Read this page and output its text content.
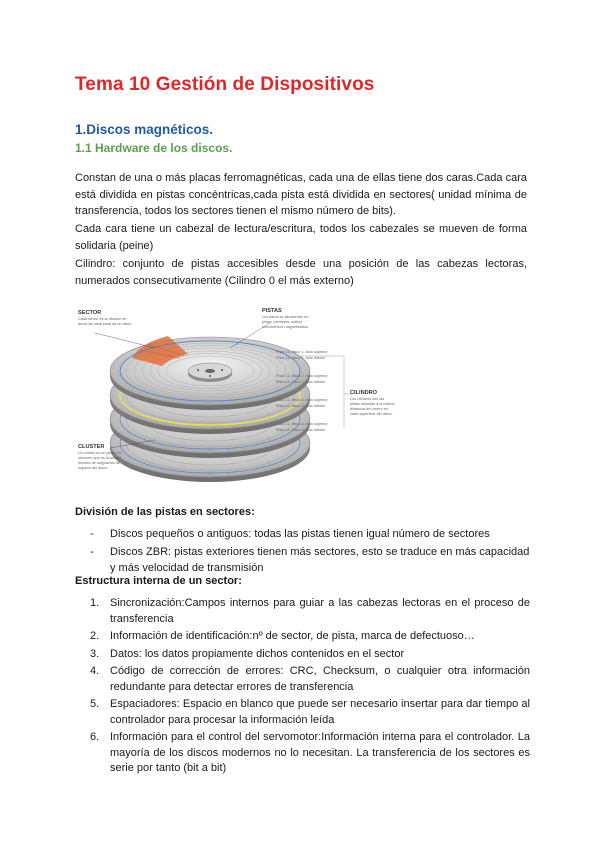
Tema 10 Gestión de Dispositivos
1.Discos magnéticos.
1.1 Hardware de los discos.

Constan de una o más placas ferromagnéticas, cada una de ellas tiene dos caras.Cada cara está dividida en pistas concéntricas,cada pista está dividida en sectores( unidad mínima de transferencia, todos los sectores tienen el mismo número de bits).

Cada cara tiene un cabezal de lectura/escritura, todos los cabezales se mueven de forma solidaria (peine)

Cilindro: conjunto de pistas accesibles desde una posición de las cabezas lectoras, numerados consecutivamente (Cilindro 0 el más externo)

SECTOR
Cada sector es la división en
arcos de cada pista de un disco.
PISTAS
Los datos se almacenan en
pistas circulares, anillos
concéntricos magnetizados.
CILINDRO
Los cilindros son las
pistas situadas a la misma
distancia del centro en
cada superficie del disco.
CLUSTER
Un cluster es un grupo de
sectores que es la unidad
mínima de asignación de
espacio del disco.
Pista 11, disco 1, lado superior
Pista 11, disco 1, lado inferior
Pista 11, disco 2, lado superior
Pista 11, disco 2, lado inferior
Pista 11, disco 3, lado superior
Pista 11, disco 3, lado inferior
Pista 11, disco 4, lado superior
Pista 11, disco 4, lado inferior
División de las pistas en sectores:
- Discos pequeños o antiguos: todas las pistas tienen igual número de sectores
- Discos ZBR: pistas exteriores tienen más sectores, esto se traduce en más capacidad y más velocidad de transmisión
Estructura interna de un sector:
1. Sincronización:Campos internos para guiar a las cabezas lectoras en el proceso de transferencia
2. Información de identificación:nº de sector, de pista, marca de defectuoso…
3. Datos: los datos propiamente dichos contenidos en el sector
4. Código de corrección de errores: CRC, Checksum, o cualquier otra información redundante para detectar errores de transferencia
5. Espaciadores: Espacio en blanco que puede ser necesario insertar para dar tiempo al controlador para procesar la información leída
6. Información para el control del servomotor:Información interna para el controlador. La mayoría de los discos modernos no lo necesitan. La transferencia de los sectores es serie por tanto (bit a bit)
